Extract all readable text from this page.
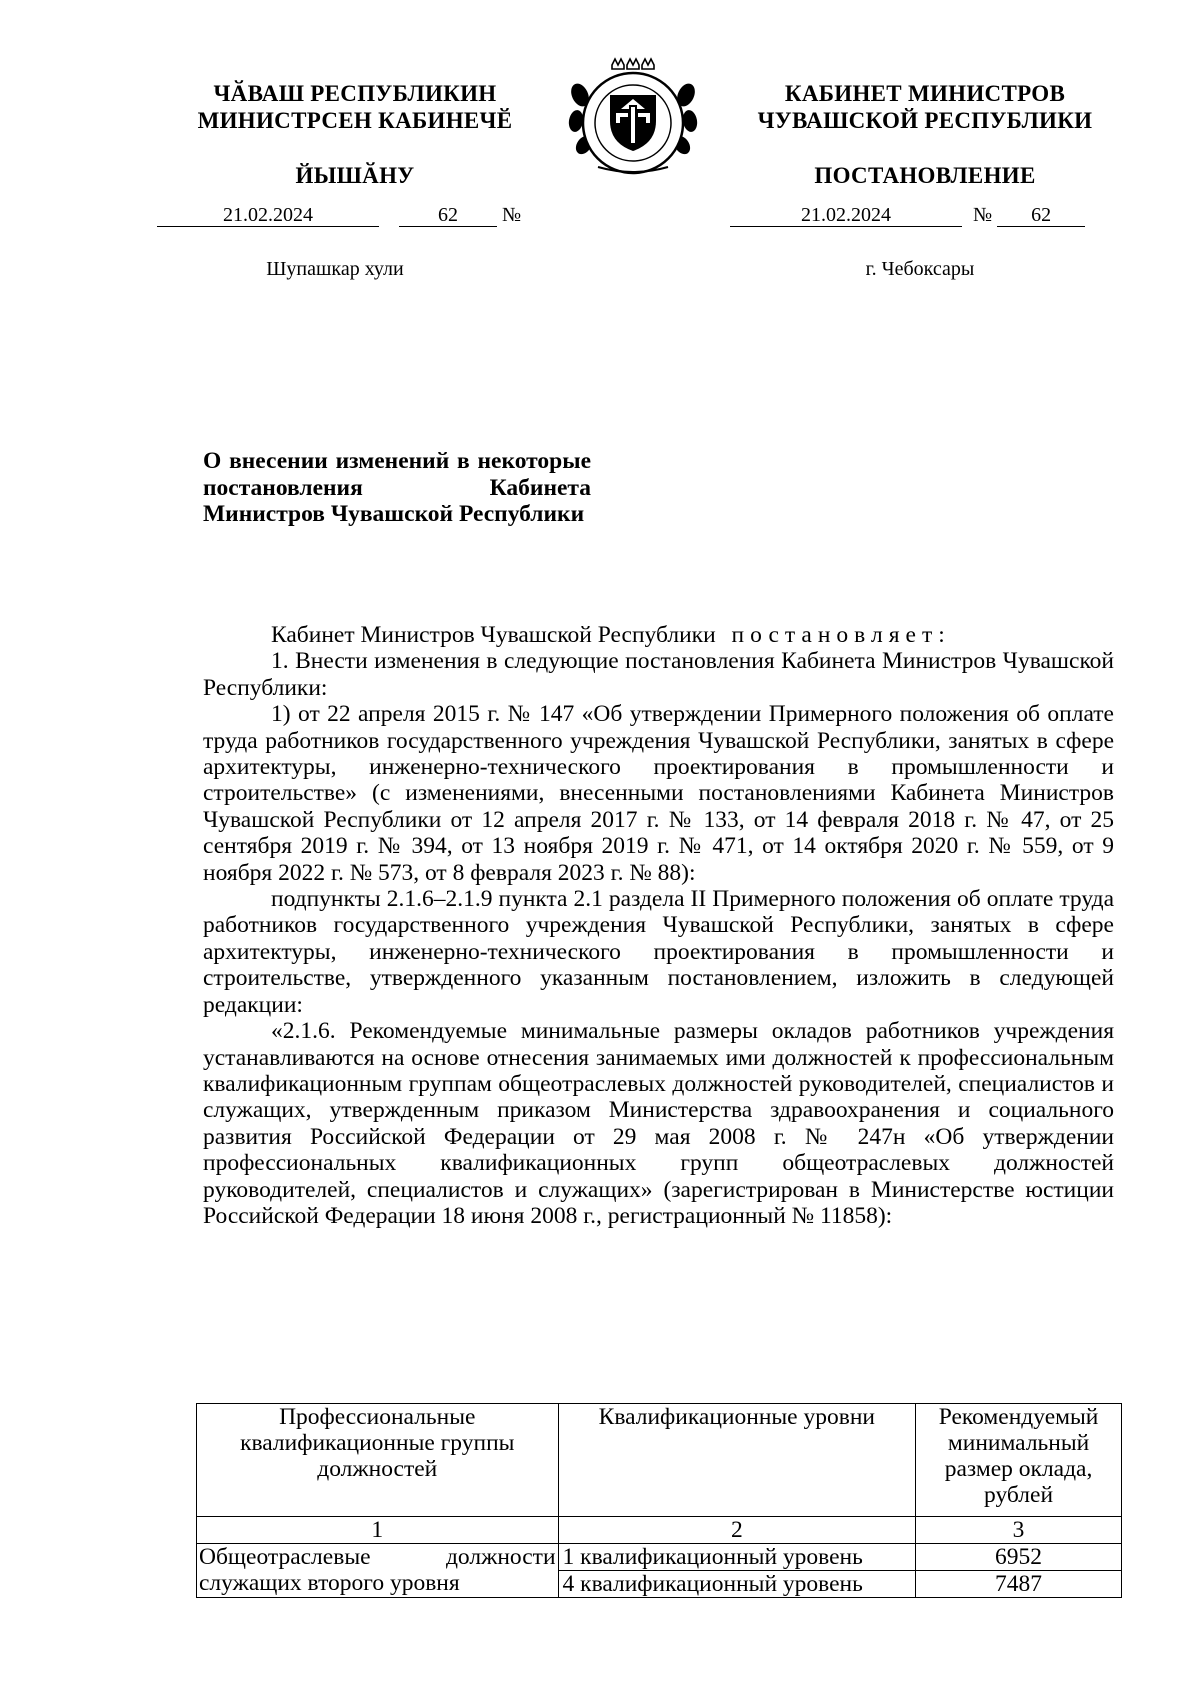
ЧӐВАШ РЕСПУБЛИКИН
МИНИСТРСЕН КАБИНЕЧӖ
ЙЫШӐНУ
КАБИНЕТ МИНИСТРОВ
ЧУВАШСКОЙ РЕСПУБЛИКИ
ПОСТАНОВЛЕНИЕ
21.02.2024	62 №
Шупашкар хули
21.02.2024	№ 62
г. Чебоксары
О внесении изменений в некоторые постановления Кабинета Министров Чувашской Республики

Кабинет Министров Чувашской Республики постановляет:

1. Внести изменения в следующие постановления Кабинета Министров Чувашской Республики:

1) от 22 апреля 2015 г. № 147 «Об утверждении Примерного положения об оплате труда работников государственного учреждения Чувашской Республики, занятых в сфере архитектуры, инженерно-технического проектирования в промышленности и строительстве» (с изменениями, внесенными постановлениями Кабинета Министров Чувашской Республики от 12 апреля 2017 г. № 133, от 14 февраля 2018 г. № 47, от 25 сентября 2019 г. № 394, от 13 ноября 2019 г. № 471, от 14 октября 2020 г. № 559, от 9 ноября 2022 г. № 573, от 8 февраля 2023 г. № 88):

подпункты 2.1.6–2.1.9 пункта 2.1 раздела II Примерного положения об оплате труда работников государственного учреждения Чувашской Республики, занятых в сфере архитектуры, инженерно-технического проектирования в промышленности и строительстве, утвержденного указанным постановлением, изложить в следующей редакции:

«2.1.6. Рекомендуемые минимальные размеры окладов работников учреждения устанавливаются на основе отнесения занимаемых ими должностей к профессиональным квалификационным группам общеотраслевых должностей руководителей, специалистов и служащих, утвержденным приказом Министерства здравоохранения и социального развития Российской Федерации от 29 мая 2008 г. № 247н «Об утверждении профессиональных квалификационных групп общеотраслевых должностей руководителей, специалистов и служащих» (зарегистрирован в Министерстве юстиции Российской Федерации 18 июня 2008 г., регистрационный № 11858):

Профессиональные квалификационные группы должностей	Квалификационные уровни	Рекомендуемый минимальный размер оклада, рублей
1	2	3

Общеотраслевые должности
служащих второго уровня	1 квалификационный уровень	6952
	4 квалификационный уровень	7487
